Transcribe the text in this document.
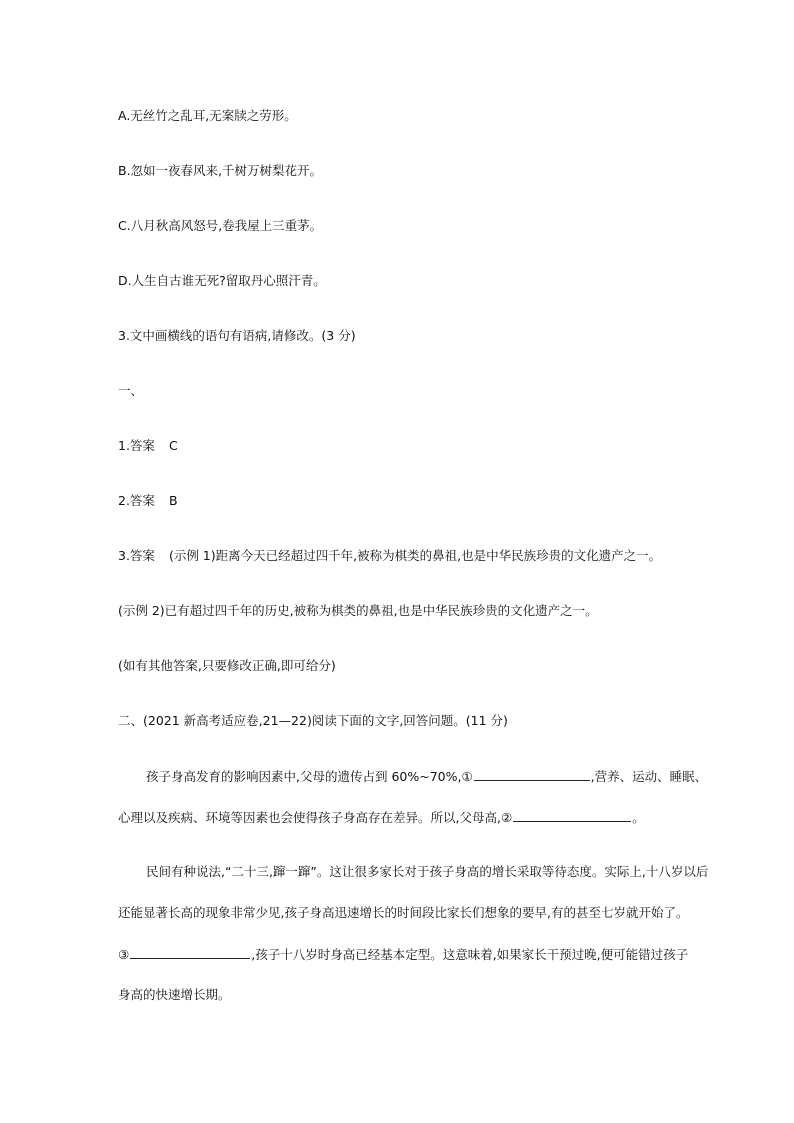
A.无丝竹之乱耳,无案牍之劳形。
B.忽如一夜春风来,千树万树梨花开。
C.八月秋高风怒号,卷我屋上三重茅。
D.人生自古谁无死?留取丹心照汗青。
3.文中画横线的语句有语病,请修改。(3 分)
一、
1.答案 C
2.答案 B
3.答案 (示例 1)距离今天已经超过四千年,被称为棋类的鼻祖,也是中华民族珍贵的文化遗产之一。
(示例 2)已有超过四千年的历史,被称为棋类的鼻祖,也是中华民族珍贵的文化遗产之一。
(如有其他答案,只要修改正确,即可给分)
二、(2021 新高考适应卷,21—22)阅读下面的文字,回答问题。(11 分)
孩子身高发育的影响因素中,父母的遗传占到 60%~70%,①	,营养、运动、睡眠、
心理以及疾病、环境等因素也会使得孩子身高存在差异。所以,父母高,②	。
民间有种说法,“二十三,蹿一蹿”。这让很多家长对于孩子身高的增长采取等待态度。实际上,十八岁以后
还能显著长高的现象非常少见,孩子身高迅速增长的时间段比家长们想象的要早,有的甚至七岁就开始了。
③	,孩子十八岁时身高已经基本定型。这意味着,如果家长干预过晚,便可能错过孩子
身高的快速增长期。
